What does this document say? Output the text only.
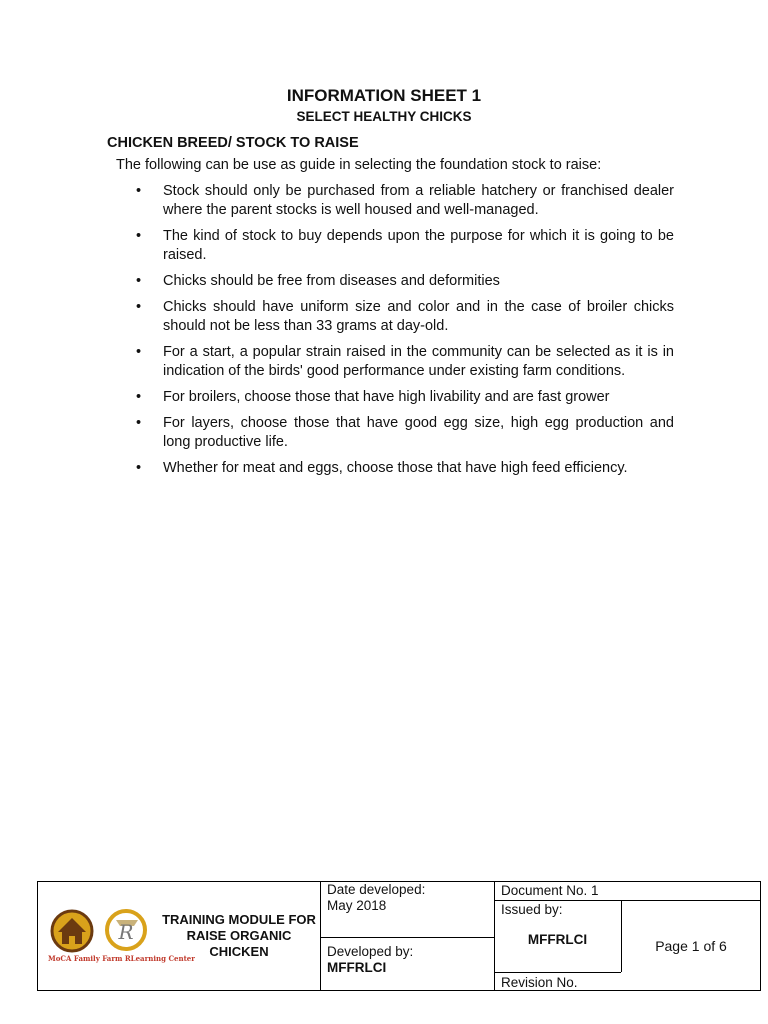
INFORMATION SHEET 1
SELECT HEALTHY CHICKS
CHICKEN BREED/ STOCK TO RAISE
The following can be use as guide in selecting the foundation stock to raise:
• Stock should only be purchased from a reliable hatchery or franchised dealer where the parent stocks is well housed and well-managed.
• The kind of stock to buy depends upon the purpose for which it is going to be raised.
• Chicks should be free from diseases and deformities
• Chicks should have uniform size and color and in the case of broiler chicks should not be less than 33 grams at day-old.
• For a start, a popular strain raised in the community can be selected as it is in indication of the birds' good performance under existing farm conditions.
• For broilers, choose those that have high livability and are fast grower
• For layers, choose those that have good egg size, high egg production and long productive life.
• Whether for meat and eggs, choose those that have high feed efficiency.
R
MoCA Family Farm RLearning Center
TRAINING MODULE FOR RAISE ORGANIC CHICKEN
Date developed:
May 2018
Developed by:
MFFRLCI
Document No. 1
Issued by:
MFFRLCI
Revision No.
Page 1 of 6
